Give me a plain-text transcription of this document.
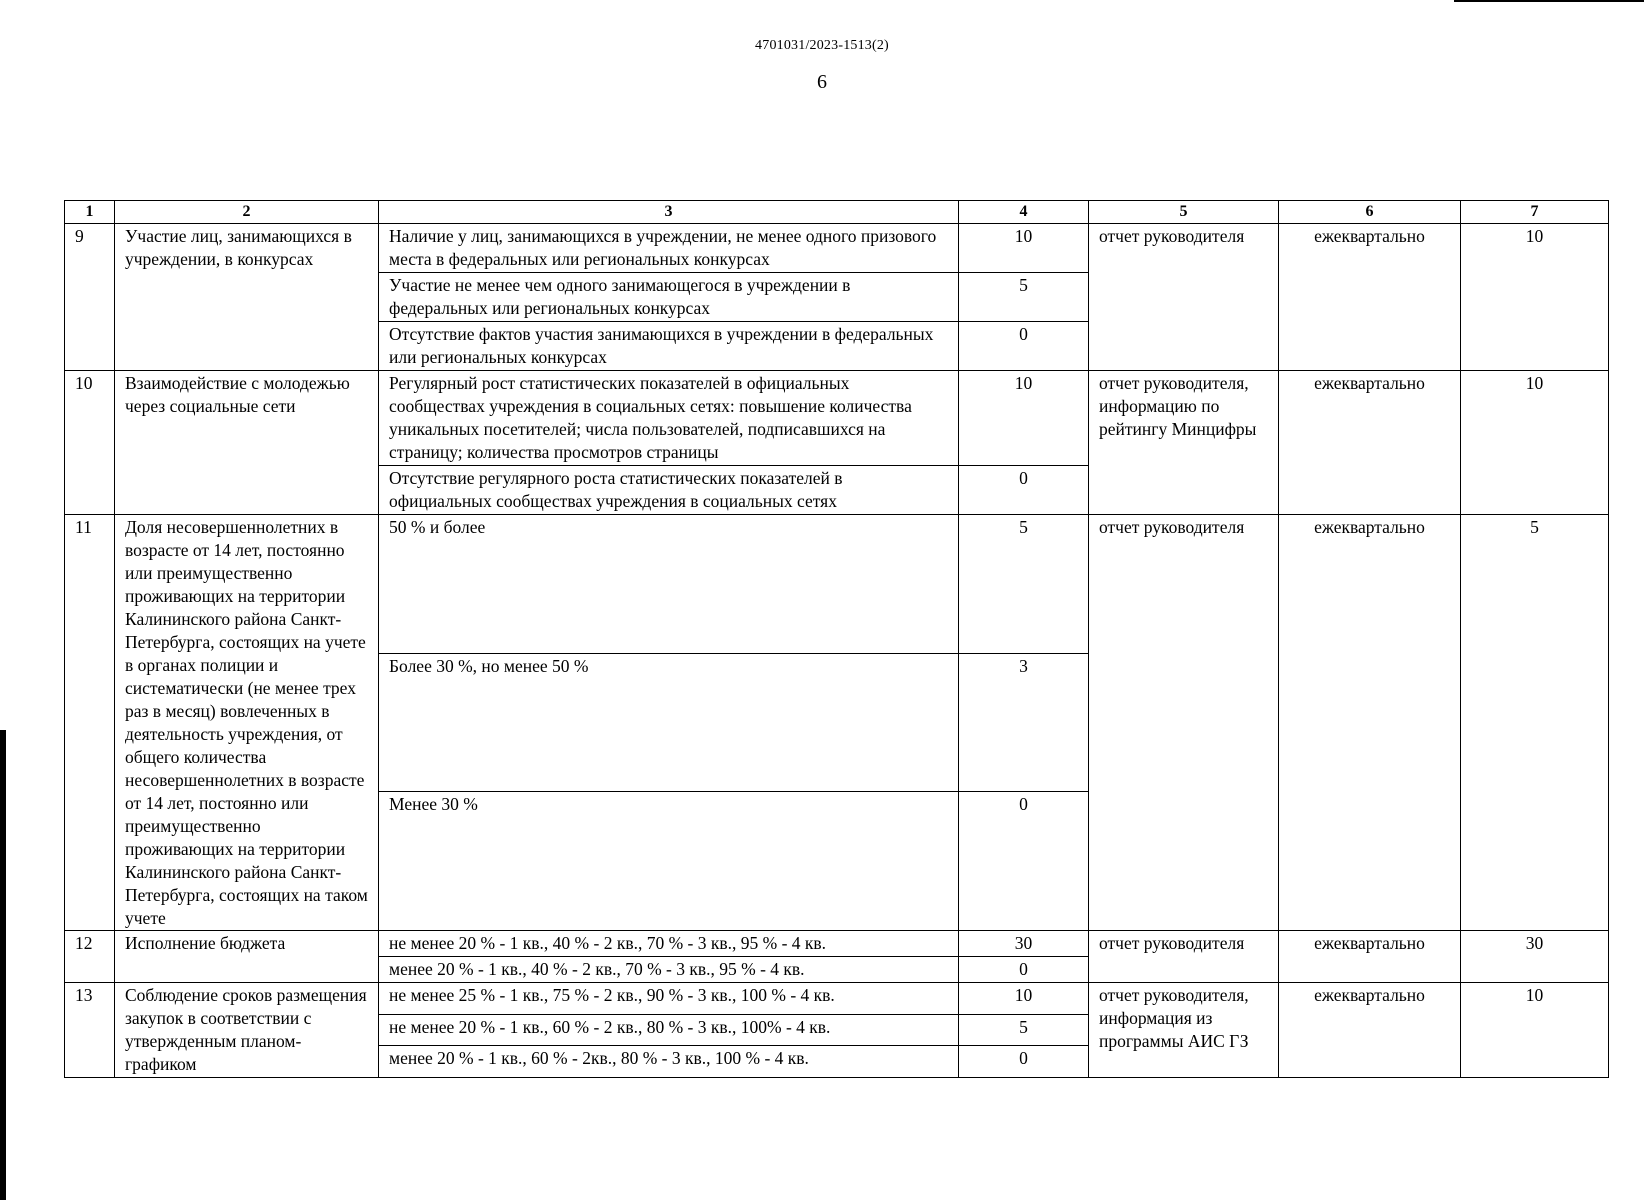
4701031/2023-1513(2)
6
1	2	3	4	5	6	7
9	Участие лиц, занимающихся в учреждении, в конкурсах	Наличие у лиц, занимающихся в учреждении, не менее одного призового места в федеральных или региональных конкурсах	10	отчет руководителя	ежеквартально	10
		Участие не менее чем одного занимающегося в учреждении в федеральных или региональных конкурсах	5			
		Отсутствие фактов участия занимающихся в учреждении в федеральных или региональных конкурсах	0			
10	Взаимодействие с молодежью через социальные сети	Регулярный рост статистических показателей в официальных сообществах учреждения в социальных сетях: повышение количества уникальных посетителей; числа пользователей, подписавшихся на страницу; количества просмотров страницы	10	отчет руководителя, информацию по рейтингу Минцифры	ежеквартально	10
		Отсутствие регулярного роста статистических показателей в официальных сообществах учреждения в социальных сетях	0			
11	Доля несовершеннолетних в возрасте от 14 лет, постоянно или преимущественно проживающих на территории Калининского района Санкт-Петербурга, состоящих на учете в органах полиции и систематически (не менее трех раз в месяц) вовлеченных в деятельность учреждения, от общего количества несовершеннолетних в возрасте от 14 лет, постоянно или преимущественно проживающих на территории Калининского района Санкт-Петербурга, состоящих на таком учете	50 % и более	5	отчет руководителя	ежеквартально	5
		Более 30 %, но менее 50 %	3			
		Менее 30 %	0			
12	Исполнение бюджета	не менее 20 % - 1 кв., 40 % - 2 кв., 70 % - 3 кв., 95 % - 4 кв.	30	отчет руководителя	ежеквартально	30
		менее 20 % - 1 кв., 40 % - 2 кв., 70 % - 3 кв., 95 % - 4 кв.	0			
13	Соблюдение сроков размещения закупок в соответствии с утвержденным планом-графиком	не менее 25 % - 1 кв., 75 % - 2 кв., 90 % - 3 кв., 100 % - 4 кв.	10	отчет руководителя, информация из программы АИС ГЗ	ежеквартально	10
		не менее 20 % - 1 кв., 60 % - 2 кв., 80 % - 3 кв., 100% - 4 кв.	5			
		менее 20 % - 1 кв., 60 % - 2кв., 80 % - 3 кв., 100 % - 4 кв.	0			
